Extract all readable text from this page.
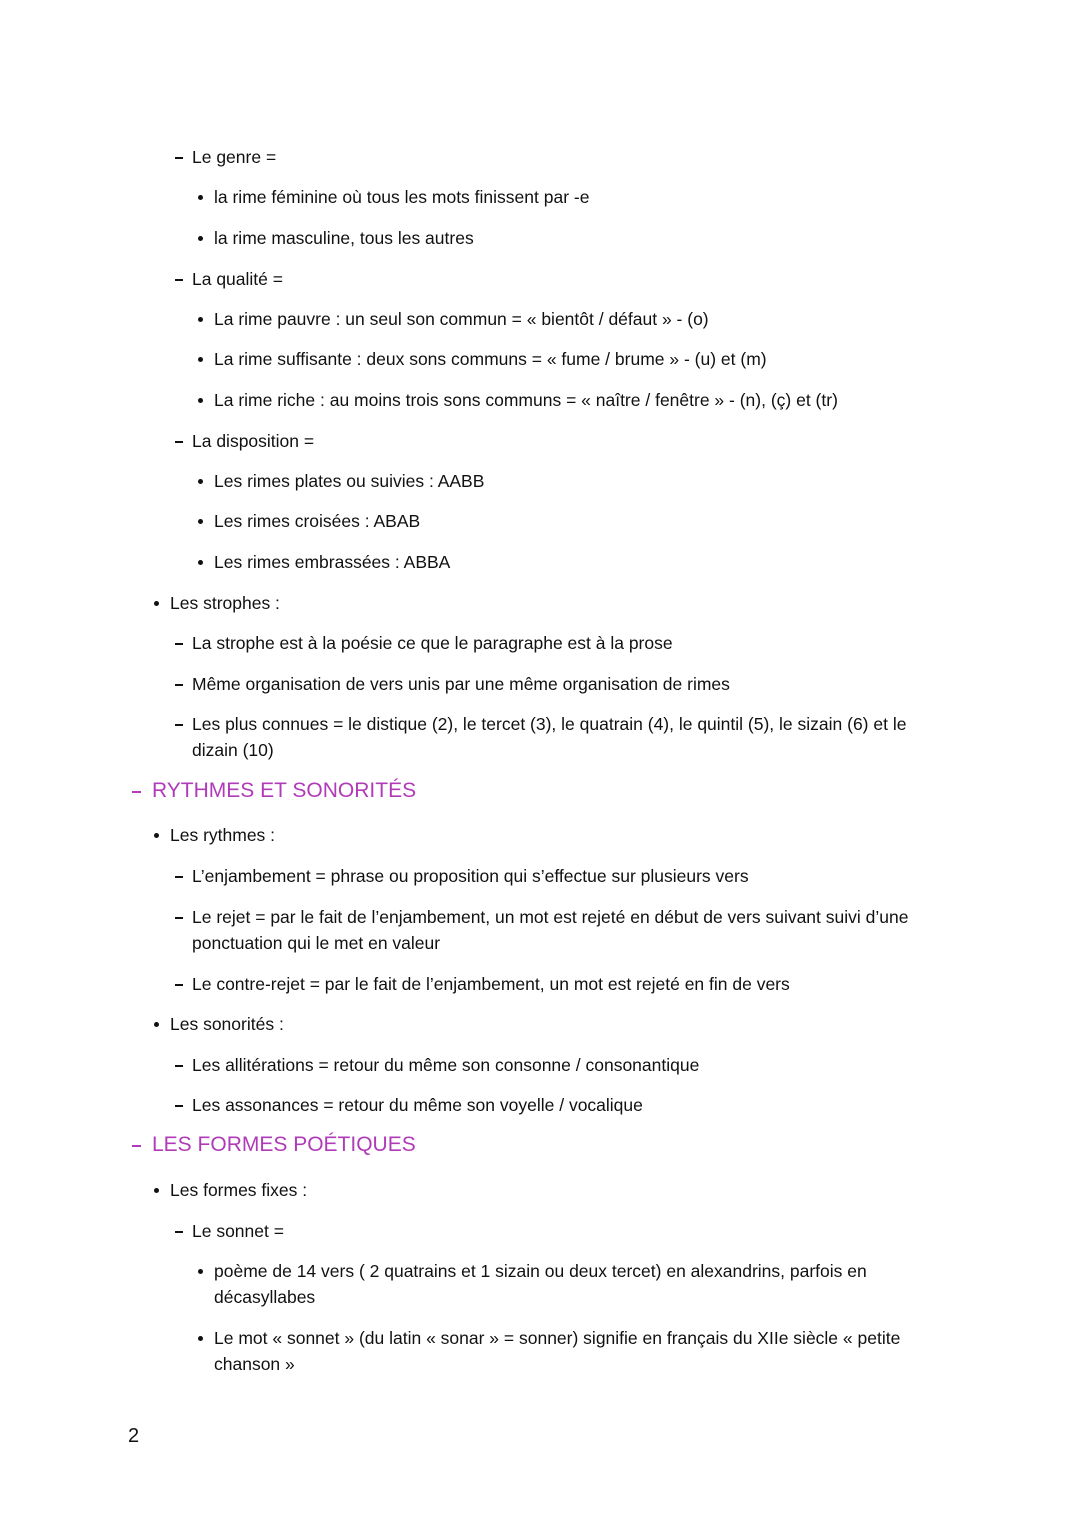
Le genre =
la rime féminine où tous les mots finissent par -e
la rime masculine, tous les autres
La qualité =
La rime pauvre : un seul son commun = « bientôt / défaut » - (o)
La rime suffisante : deux sons communs = « fume / brume » - (u) et (m)
La rime riche : au moins trois sons communs = « naître / fenêtre » - (n), (ç) et (tr)
La disposition =
Les rimes plates ou suivies : AABB
Les rimes croisées : ABAB
Les rimes embrassées : ABBA
Les strophes :
La strophe est à la poésie ce que le paragraphe est à la prose
Même organisation de vers unis par une même organisation de rimes
Les plus connues = le distique (2), le tercet (3), le quatrain (4), le quintil (5), le sizain (6) et le dizain (10)
RYTHMES ET SONORITÉS
Les rythmes :
L’enjambement = phrase ou proposition qui s’effectue sur plusieurs vers
Le rejet = par le fait de l’enjambement, un mot est rejeté en début de vers suivant suivi d’une ponctuation qui le met en valeur
Le contre-rejet = par le fait de l’enjambement, un mot est rejeté en fin de vers
Les sonorités :
Les allitérations = retour du même son consonne / consonantique
Les assonances = retour du même son voyelle / vocalique
LES FORMES POÉTIQUES
Les formes fixes :
Le sonnet =
poème de 14 vers ( 2 quatrains et 1 sizain ou deux tercet) en alexandrins, parfois en décasyllabes
Le mot « sonnet » (du latin « sonar » = sonner) signifie en français du XIIe siècle « petite chanson »
2
